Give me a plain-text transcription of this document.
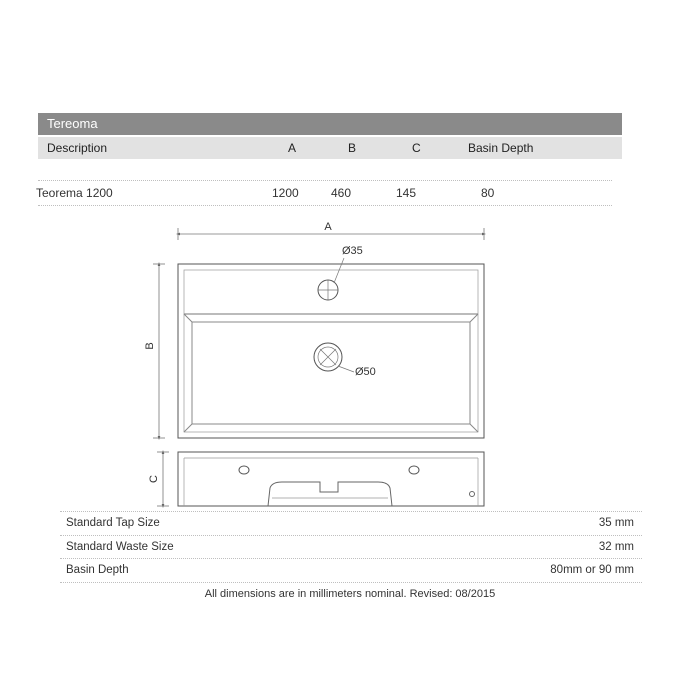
Tereoma
Description	A	B	C	Basin Depth
Teorema 1200	1200	460	145	80
A
B
Ø35
Ø50
C
Standard Tap Size	35 mm
Standard Waste Size	32 mm
Basin Depth	80mm or 90 mm
All dimensions are in millimeters nominal. Revised: 08/2015
